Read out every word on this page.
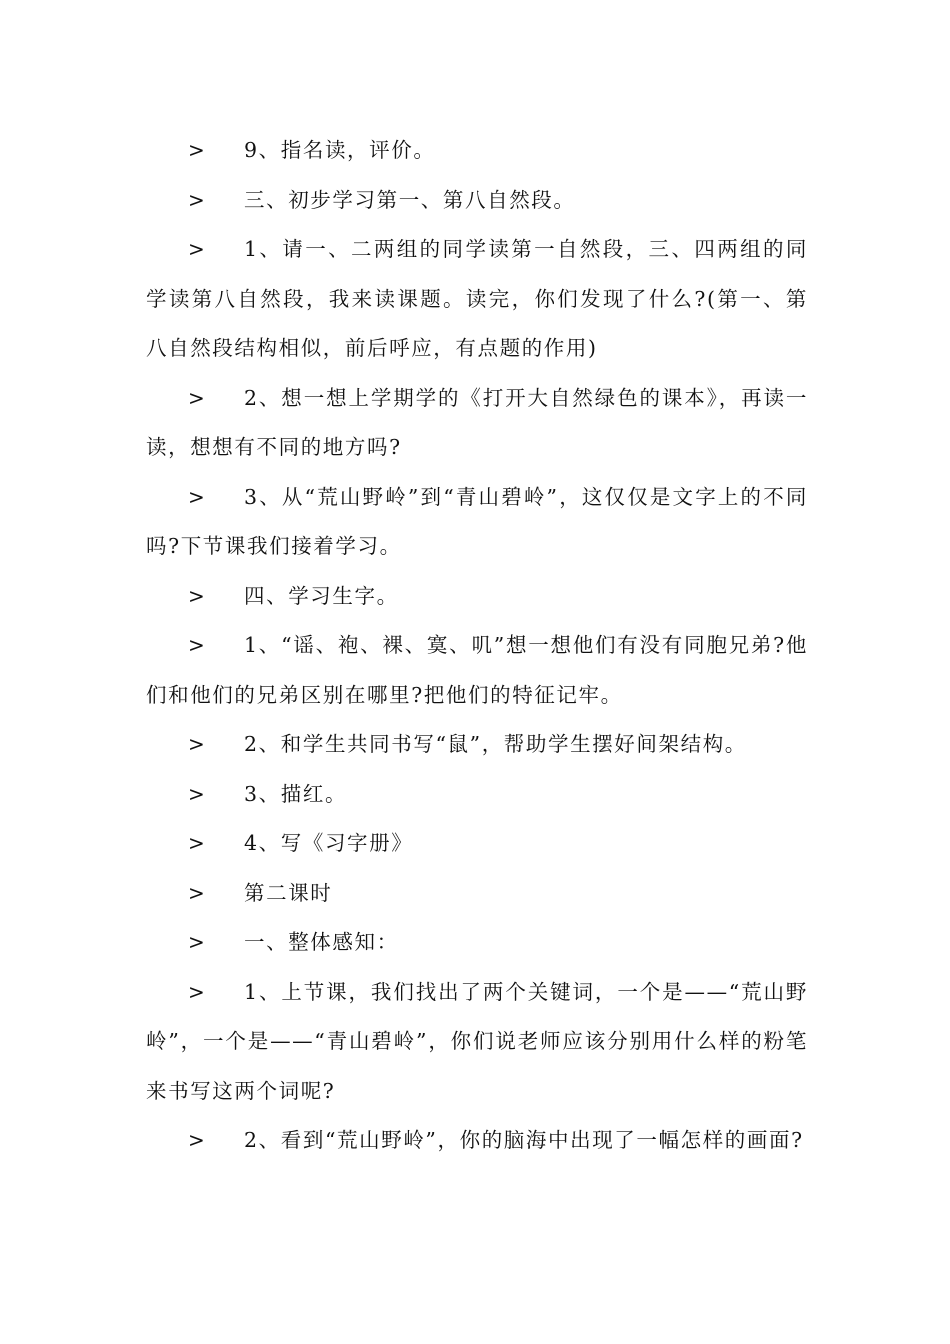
> 9、指名读，评价。

> 三、初步学习第一、第八自然段。

> 1、请一、二两组的同学读第一自然段，三、四两组的同学读第八自然段，我来读课题。读完，你们发现了什么?(第一、第八自然段结构相似，前后呼应，有点题的作用)

> 2、想一想上学期学的《打开大自然绿色的课本》，再读一读，想想有不同的地方吗?

> 3、从“荒山野岭”到“青山碧岭”，这仅仅是文字上的不同吗?下节课我们接着学习。

> 四、学习生字。

> 1、“谣、袍、裸、寞、叽”想一想他们有没有同胞兄弟?他们和他们的兄弟区别在哪里?把他们的特征记牢。

> 2、和学生共同书写“鼠”，帮助学生摆好间架结构。

> 3、描红。

> 4、写《习字册》

> 第二课时

> 一、整体感知：

> 1、上节课，我们找出了两个关键词，一个是——“荒山野岭”，一个是——“青山碧岭”，你们说老师应该分别用什么样的粉笔来书写这两个词呢?

> 2、看到“荒山野岭”，你的脑海中出现了一幅怎样的画面?
